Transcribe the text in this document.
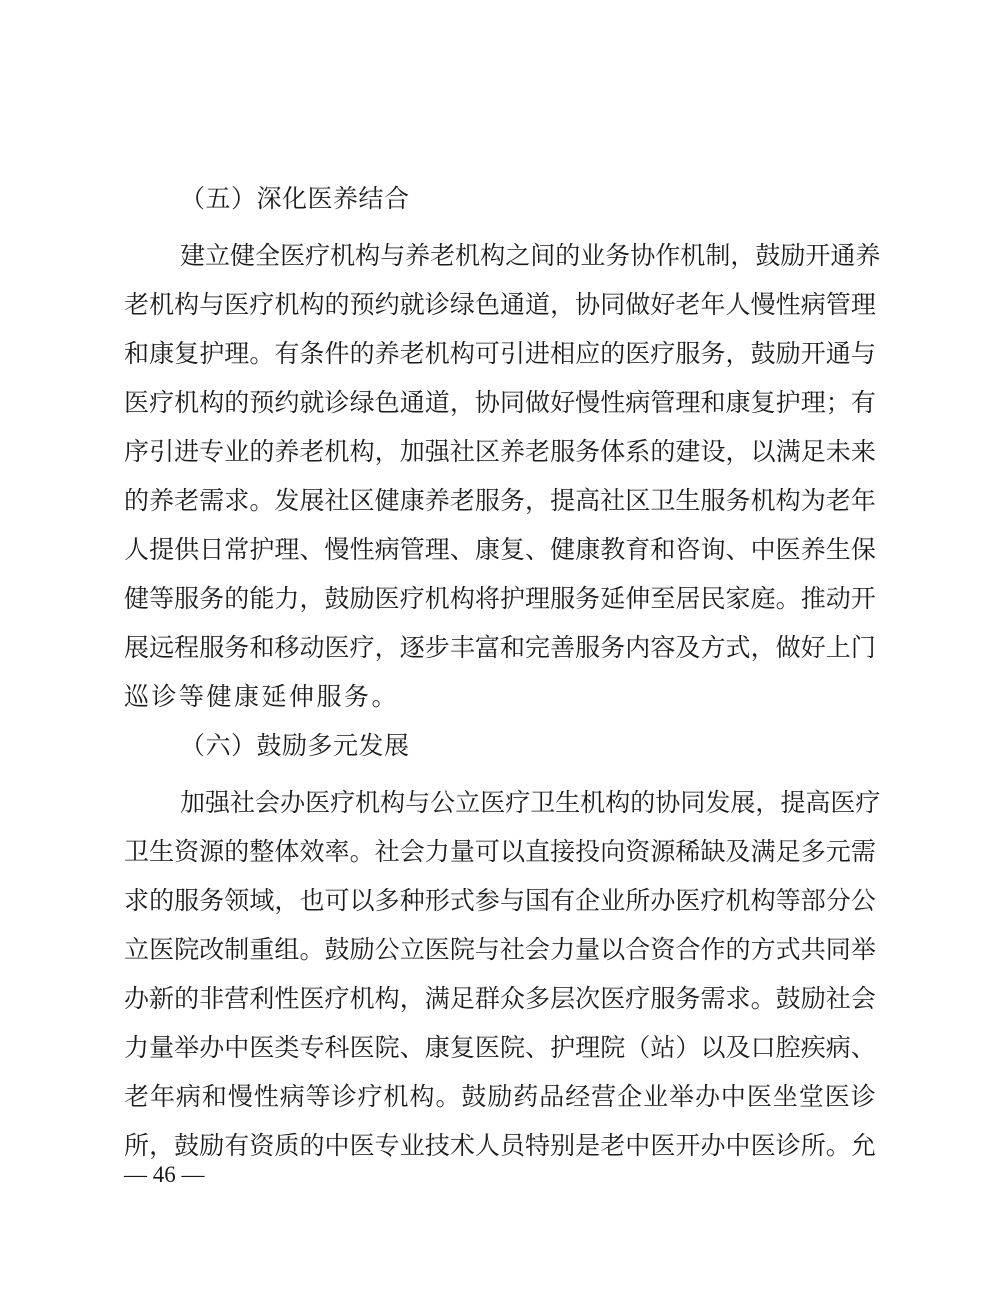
（五）深化医养结合
建 立 健 全 医 疗 机 构 与 养 老 机 构 之 间 的 业 务 协 作 机 制 ， 鼓 励 开 通 养
老 机 构 与 医 疗 机 构 的 预 约 就 诊 绿 色 通 道 ， 协 同 做 好 老 年 人 慢 性 病 管 理
和 康 复 护 理 。 有 条 件 的 养 老 机 构 可 引 进 相 应 的 医 疗 服 务 ， 鼓 励 开 通 与
医 疗 机 构 的 预 约 就 诊 绿 色 通 道 ， 协 同 做 好 慢 性 病 管 理 和 康 复 护 理 ； 有
序 引 进 专 业 的 养 老 机 构 ， 加 强 社 区 养 老 服 务 体 系 的 建 设 ， 以 满 足 未 来
的 养 老 需 求 。 发 展 社 区 健 康 养 老 服 务 ， 提 高 社 区 卫 生 服 务 机 构 为 老 年
人 提 供 日 常 护 理 、 慢 性 病 管 理 、 康 复 、 健 康 教 育 和 咨 询 、 中 医 养 生 保
健 等 服 务 的 能 力 ， 鼓 励 医 疗 机 构 将 护 理 服 务 延 伸 至 居 民 家 庭 。 推 动 开
展 远 程 服 务 和 移 动 医 疗 ， 逐 步 丰 富 和 完 善 服 务 内 容 及 方 式 ， 做 好 上 门
巡诊等健康延伸服务。
（六）鼓励多元发展
加 强 社 会 办 医 疗 机 构 与 公 立 医 疗 卫 生 机 构 的 协 同 发 展 ， 提 高 医 疗
卫 生 资 源 的 整 体 效 率 。 社 会 力 量 可 以 直 接 投 向 资 源 稀 缺 及 满 足 多 元 需
求 的 服 务 领 域 ， 也 可 以 多 种 形 式 参 与 国 有 企 业 所 办 医 疗 机 构 等 部 分 公
立 医 院 改 制 重 组 。 鼓 励 公 立 医 院 与 社 会 力 量 以 合 资 合 作 的 方 式 共 同 举
办 新 的 非 营 利 性 医 疗 机 构 ， 满 足 群 众 多 层 次 医 疗 服 务 需 求 。 鼓 励 社 会
力 量 举 办 中 医 类 专 科 医 院 、 康 复 医 院 、 护 理 院 （ 站 ） 以 及 口 腔 疾 病 、
老 年 病 和 慢 性 病 等 诊 疗 机 构 。 鼓 励 药 品 经 营 企 业 举 办 中 医 坐 堂 医 诊
所 ， 鼓 励 有 资 质 的 中 医 专 业 技 术 人 员 特 别 是 老 中 医 开 办 中 医 诊 所 。 允
— 46 —
